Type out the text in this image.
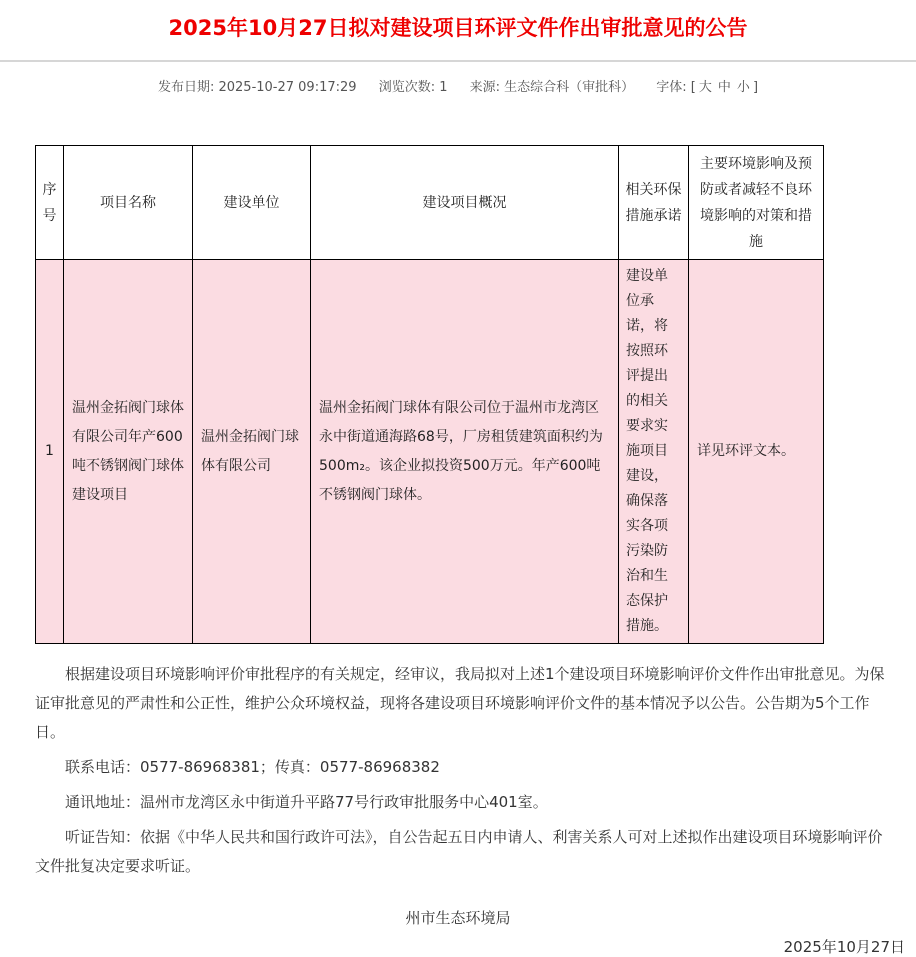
2025年10月27日拟对建设项目环评文件作出审批意见的公告
发布日期: 2025-10-27 09:17:29 浏览次数: 1 来源: 生态综合科（审批科） 字体: [ 大 中 小 ]
序号	项目名称	建设单位	建设项目概况	相关环保措施承诺	主要环境影响及预防或者减轻不良环境影响的对策和措施
1	温州金拓阀门球体有限公司年产600吨不锈钢阀门球体建设项目	温州金拓阀门球体有限公司	温州金拓阀门球体有限公司位于温州市龙湾区永中街道通海路68号，厂房租赁建筑面积约为500m₂。该企业拟投资500万元。年产600吨不锈钢阀门球体。	建设单位承诺，将按照环评提出的相关要求实施项目建设，确保落实各项污染防治和生态保护措施。	详见环评文本。

根据建设项目环境影响评价审批程序的有关规定，经审议，我局拟对上述1个建设项目环境影响评价文件作出审批意见。为保证审批意见的严肃性和公正性，维护公众环境权益，现将各建设项目环境影响评价文件的基本情况予以公告。公告期为5个工作日。

联系电话：0577-86968381；传真：0577-86968382

通讯地址：温州市龙湾区永中街道升平路77号行政审批服务中心401室。

听证告知：依据《中华人民共和国行政许可法》，自公告起五日内申请人、利害关系人可对上述拟作出建设项目环境影响评价文件批复决定要求听证。

州市生态环境局
2025年10月27日
